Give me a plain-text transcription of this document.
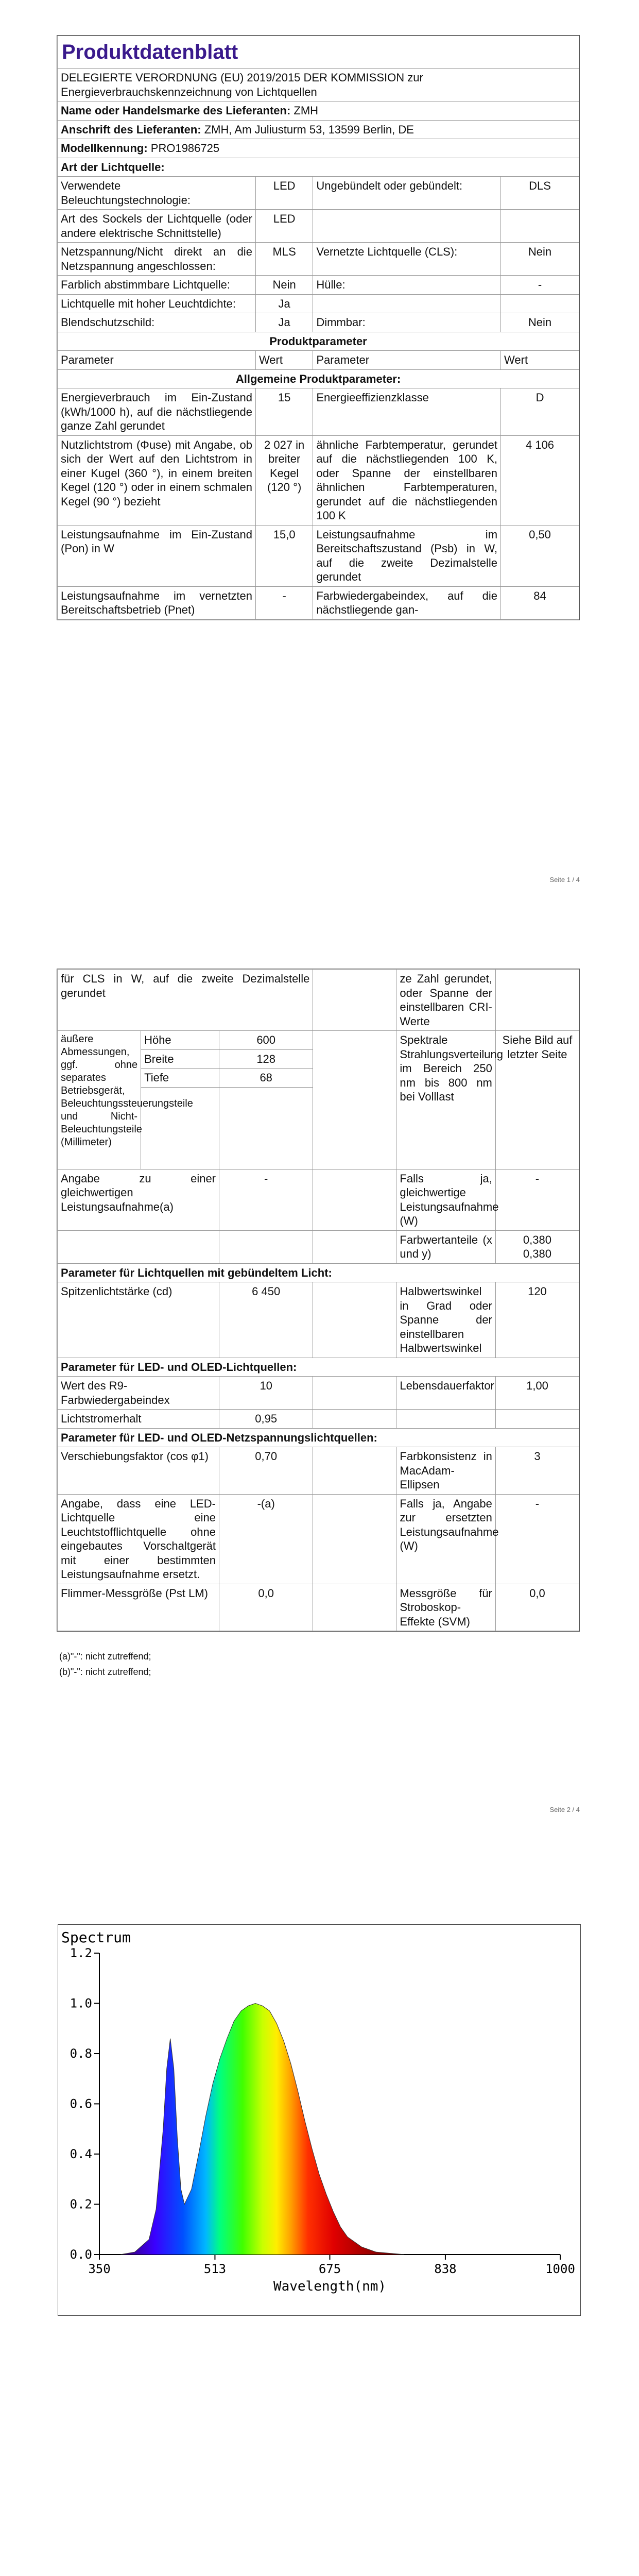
Produktdatenblatt			
DELEGIERTE VERORDNUNG (EU) 2019/2015 DER KOMMISSION zur Energieverbrauchskennzeichnung von Lichtquellen			
Name oder Handelsmarke des Lieferanten: ZMH			
Anschrift des Lieferanten: ZMH, Am Juliusturm 53, 13599 Berlin, DE			
Modellkennung: PRO1986725			
Art der Lichtquelle:			
Verwendete Beleuchtungstechnologie:	LED	Ungebündelt oder gebündelt:	DLS
Art des Sockels der Lichtquelle (oder andere elektrische Schnittstelle)	LED		
Netzspannung/Nicht direkt an die Netzspannung angeschlossen:	MLS	Vernetzte Lichtquelle (CLS):	Nein
Farblich abstimmbare Lichtquelle:	Nein	Hülle:	-
Lichtquelle mit hoher Leuchtdichte:	Ja		
Blendschutzschild:	Ja	Dimmbar:	Nein
Produktparameter			
Parameter	Wert	Parameter	Wert
Allgemeine Produktparameter:			
Energieverbrauch im Ein-Zustand (kWh/1000 h), auf die nächstliegende ganze Zahl gerundet	15	Energieeffizienzklasse	D
Nutzlichtstrom (Φuse) mit Angabe, ob sich der Wert auf den Lichtstrom in einer Kugel (360 °), in einem breiten Kegel (120 °) oder in einem schmalen Kegel (90 °) bezieht	2 027 in breiter Kegel (120 °)	ähnliche Farbtemperatur, gerundet auf die nächstliegenden 100 K, oder Spanne der einstellbaren ähnlichen Farbtemperaturen, gerundet auf die nächstliegenden 100 K	4 106
Leistungsaufnahme im Ein-Zustand (Pon) in W	15,0	Leistungsaufnahme im Bereitschaftszustand (Psb) in W, auf die zweite Dezimalstelle gerundet	0,50
Leistungsaufnahme im vernetzten Bereitschaftsbetrieb (Pnet)	-	Farbwiedergabeindex, auf die nächstliegende gan-	84
Seite 1 / 4
für CLS in W, auf die zweite Dezimalstelle gerundet				ze Zahl gerundet, oder Spanne der einstellbaren CRI-Werte	
äußere Abmessungen, ggf. ohne separates Betriebsgerät, Beleuchtungssteuerungsteile und Nicht-Beleuchtungsteile (Millimeter)	Höhe	600		Spektrale Strahlungsverteilung im Bereich 250 nm bis 800 nm bei Volllast	Siehe Bild auf letzter Seite
	Breite	128			
	Tiefe	68			

Angabe zu einer gleichwertigen Leistungsaufnahme(a)		-		Falls ja, gleichwertige Leistungsaufnahme (W)	-
				Farbwertanteile (x und y)	0,380
0,380
Parameter für Lichtquellen mit gebündeltem Licht:					
Spitzenlichtstärke (cd)		6 450		Halbwertswinkel in Grad oder Spanne der einstellbaren Halbwertswinkel	120
Parameter für LED- und OLED-Lichtquellen:					
Wert des R9-Farbwiedergabeindex		10		Lebensdauerfaktor	1,00
Lichtstromerhalt		0,95			
Parameter für LED- und OLED-Netzspannungslichtquellen:					
Verschiebungsfaktor (cos φ1)		0,70		Farbkonsistenz in MacAdam-Ellipsen	3
Angabe, dass eine LED-Lichtquelle eine Leuchtstofflichtquelle ohne eingebautes Vorschaltgerät mit einer bestimmten Leistungsaufnahme ersetzt.		-(a)		Falls ja, Angabe zur ersetzten Leistungsaufnahme (W)	-
Flimmer-Messgröße (Pst LM)		0,0		Messgröße für Stroboskop-Effekte (SVM)	0,0
(a)"-": nicht zutreffend;
(b)"-": nicht zutreffend;
Seite 2 / 4
Spectrum
0.0
0.2
0.4
0.6
0.8
1.0
1.2
350	513	675	838	1000
Wavelength(nm)
